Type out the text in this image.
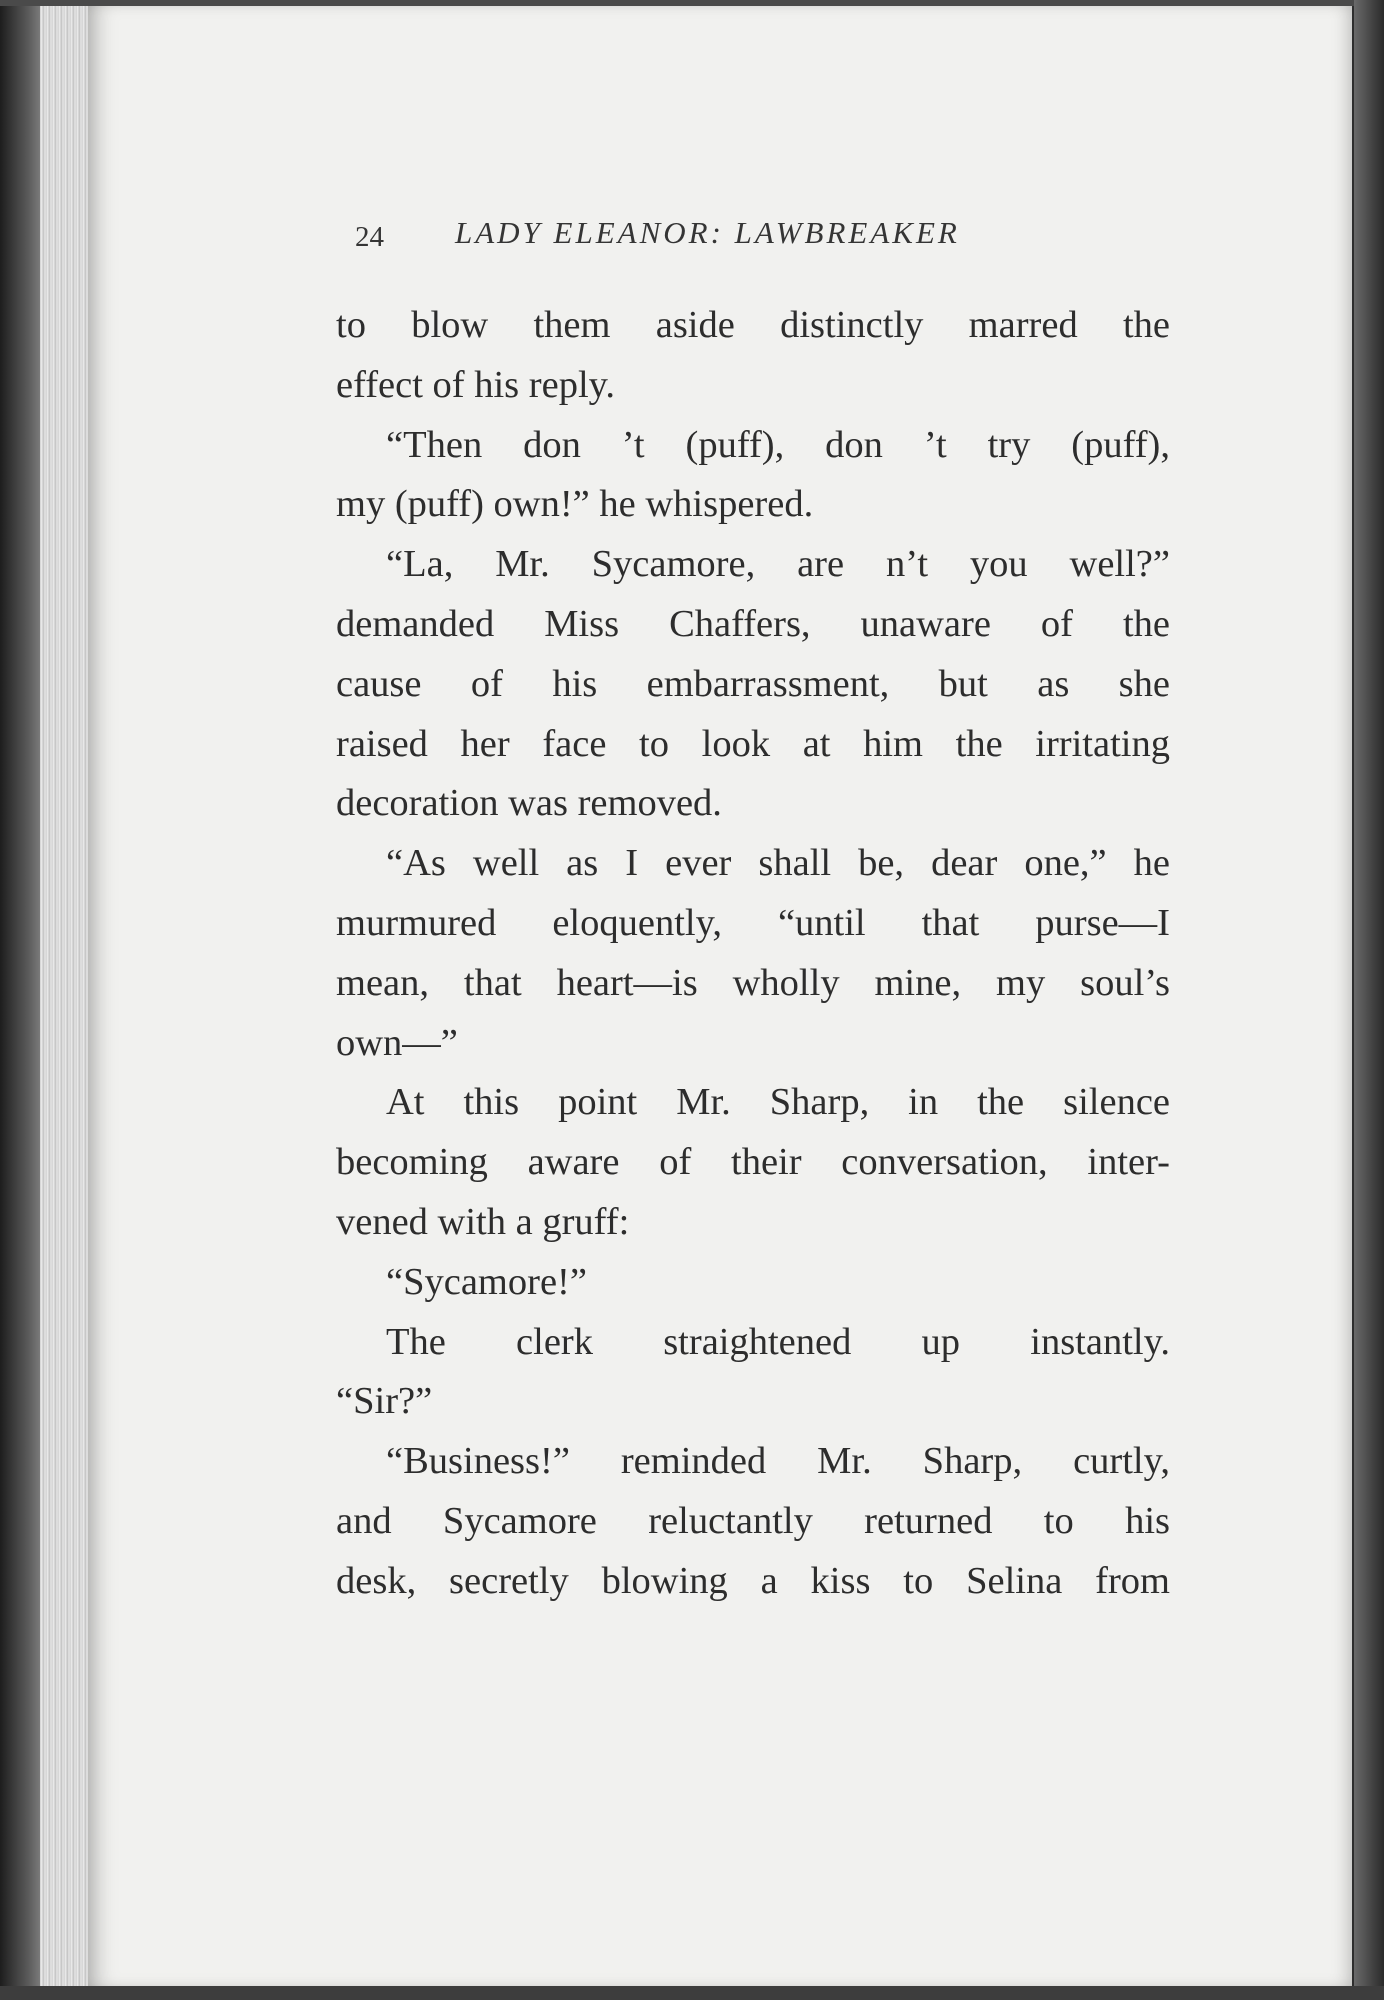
24 LADY ELEANOR: LAWBREAKER
to blow them aside distinctly marred the
effect of his reply.
“Then don ’t (puff), don ’t try (puff),
my (puff) own!” he whispered.
“La, Mr. Sycamore, are n’t you well?”
demanded Miss Chaffers, unaware of the
cause of his embarrassment, but as she
raised her face to look at him the irritating
decoration was removed.
“As well as I ever shall be, dear one,” he
murmured eloquently, “until that purse—I
mean, that heart—is wholly mine, my soul’s
own—”
At this point Mr. Sharp, in the silence
becoming aware of their conversation, inter-
vened with a gruff:
“Sycamore!”
The clerk straightened up instantly.
“Sir?”
“Business!” reminded Mr. Sharp, curtly,
and Sycamore reluctantly returned to his
desk, secretly blowing a kiss to Selina from
